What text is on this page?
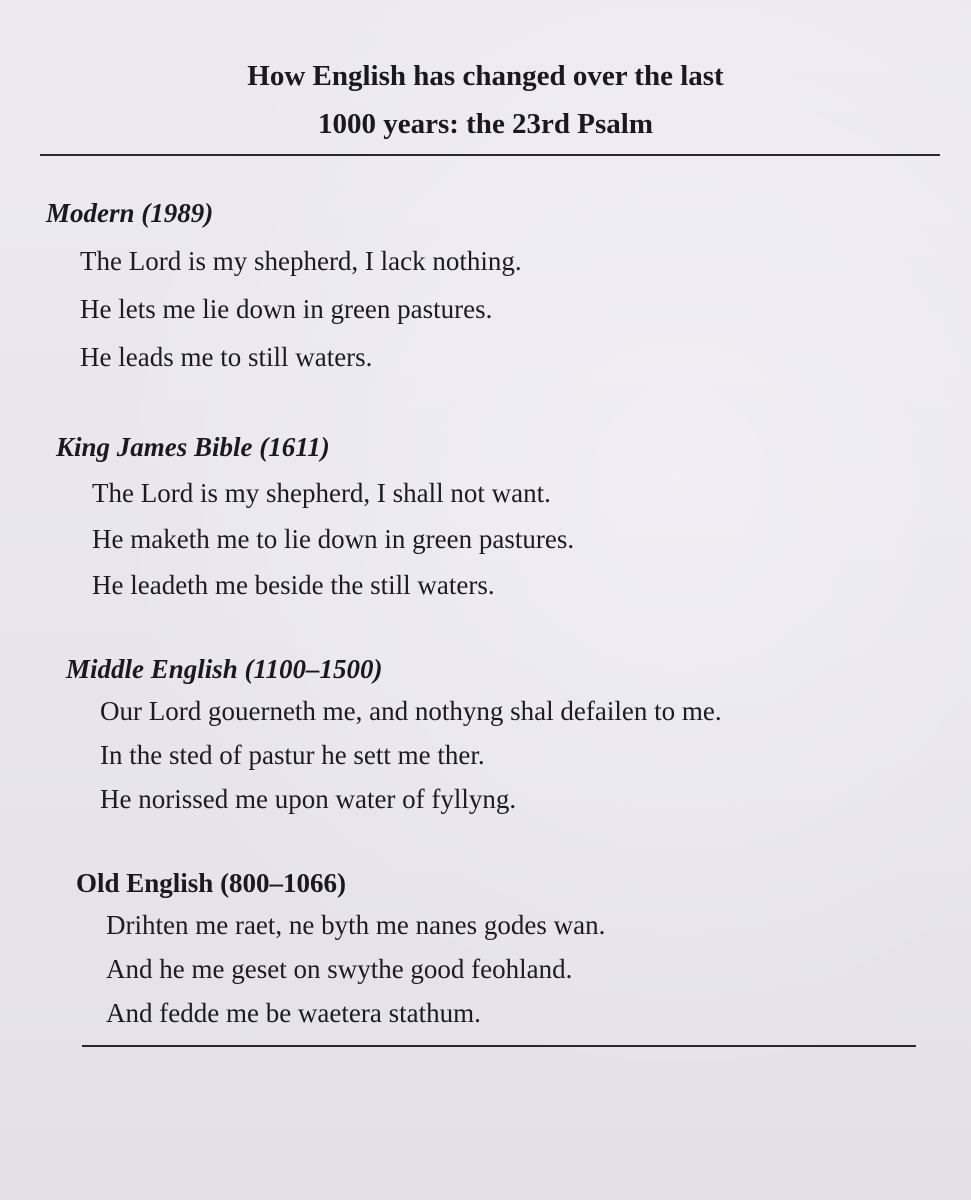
How English has changed over the last
1000 years: the 23rd Psalm
Modern (1989)
The Lord is my shepherd, I lack nothing.
He lets me lie down in green pastures.
He leads me to still waters.
King James Bible (1611)
The Lord is my shepherd, I shall not want.
He maketh me to lie down in green pastures.
He leadeth me beside the still waters.
Middle English (1100–1500)
Our Lord gouerneth me, and nothyng shal defailen to me.
In the sted of pastur he sett me ther.
He norissed me upon water of fyllyng.
Old English (800–1066)
Drihten me raet, ne byth me nanes godes wan.
And he me geset on swythe good feohland.
And fedde me be waetera stathum.
